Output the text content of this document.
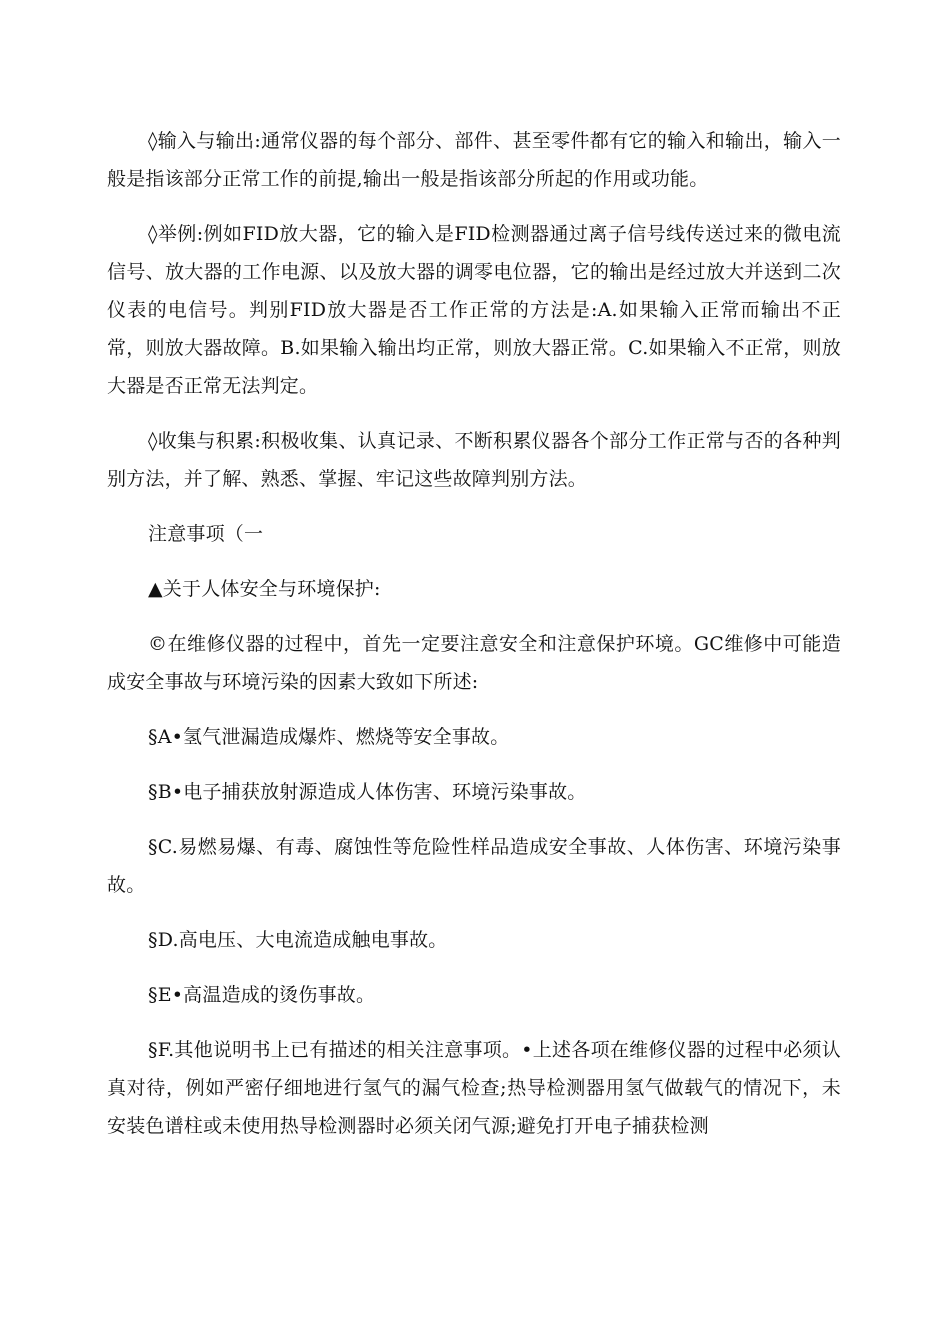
◊输入与输出:通常仪器的每个部分、部件、甚至零件都有它的输入和输出，输入一般是指该部分正常工作的前提,输出一般是指该部分所起的作用或功能。

◊举例:例如FID放大器，它的输入是FID检测器通过离子信号线传送过来的微电流信号、放大器的工作电源、以及放大器的调零电位器，它的输出是经过放大并送到二次仪表的电信号。判别FID放大器是否工作正常的方法是:A.如果输入正常而输出不正常，则放大器故障。B.如果输入输出均正常，则放大器正常。C.如果输入不正常，则放大器是否正常无法判定。

◊收集与积累:积极收集、认真记录、不断积累仪器各个部分工作正常与否的各种判别方法，并了解、熟悉、掌握、牢记这些故障判别方法。

注意事项（一

▲关于人体安全与环境保护:

©在维修仪器的过程中，首先一定要注意安全和注意保护环境。GC维修中可能造成安全事故与环境污染的因素大致如下所述:

§A•氢气泄漏造成爆炸、燃烧等安全事故。

§B•电子捕获放射源造成人体伤害、环境污染事故。

§C.易燃易爆、有毒、腐蚀性等危险性样品造成安全事故、人体伤害、环境污染事故。

§D.高电压、大电流造成触电事故。

§E•高温造成的烫伤事故。

§F.其他说明书上已有描述的相关注意事项。•上述各项在维修仪器的过程中必须认真对待，例如严密仔细地进行氢气的漏气检查;热导检测器用氢气做载气的情况下，未安装色谱柱或未使用热导检测器时必须关闭气源;避免打开电子捕获检测
